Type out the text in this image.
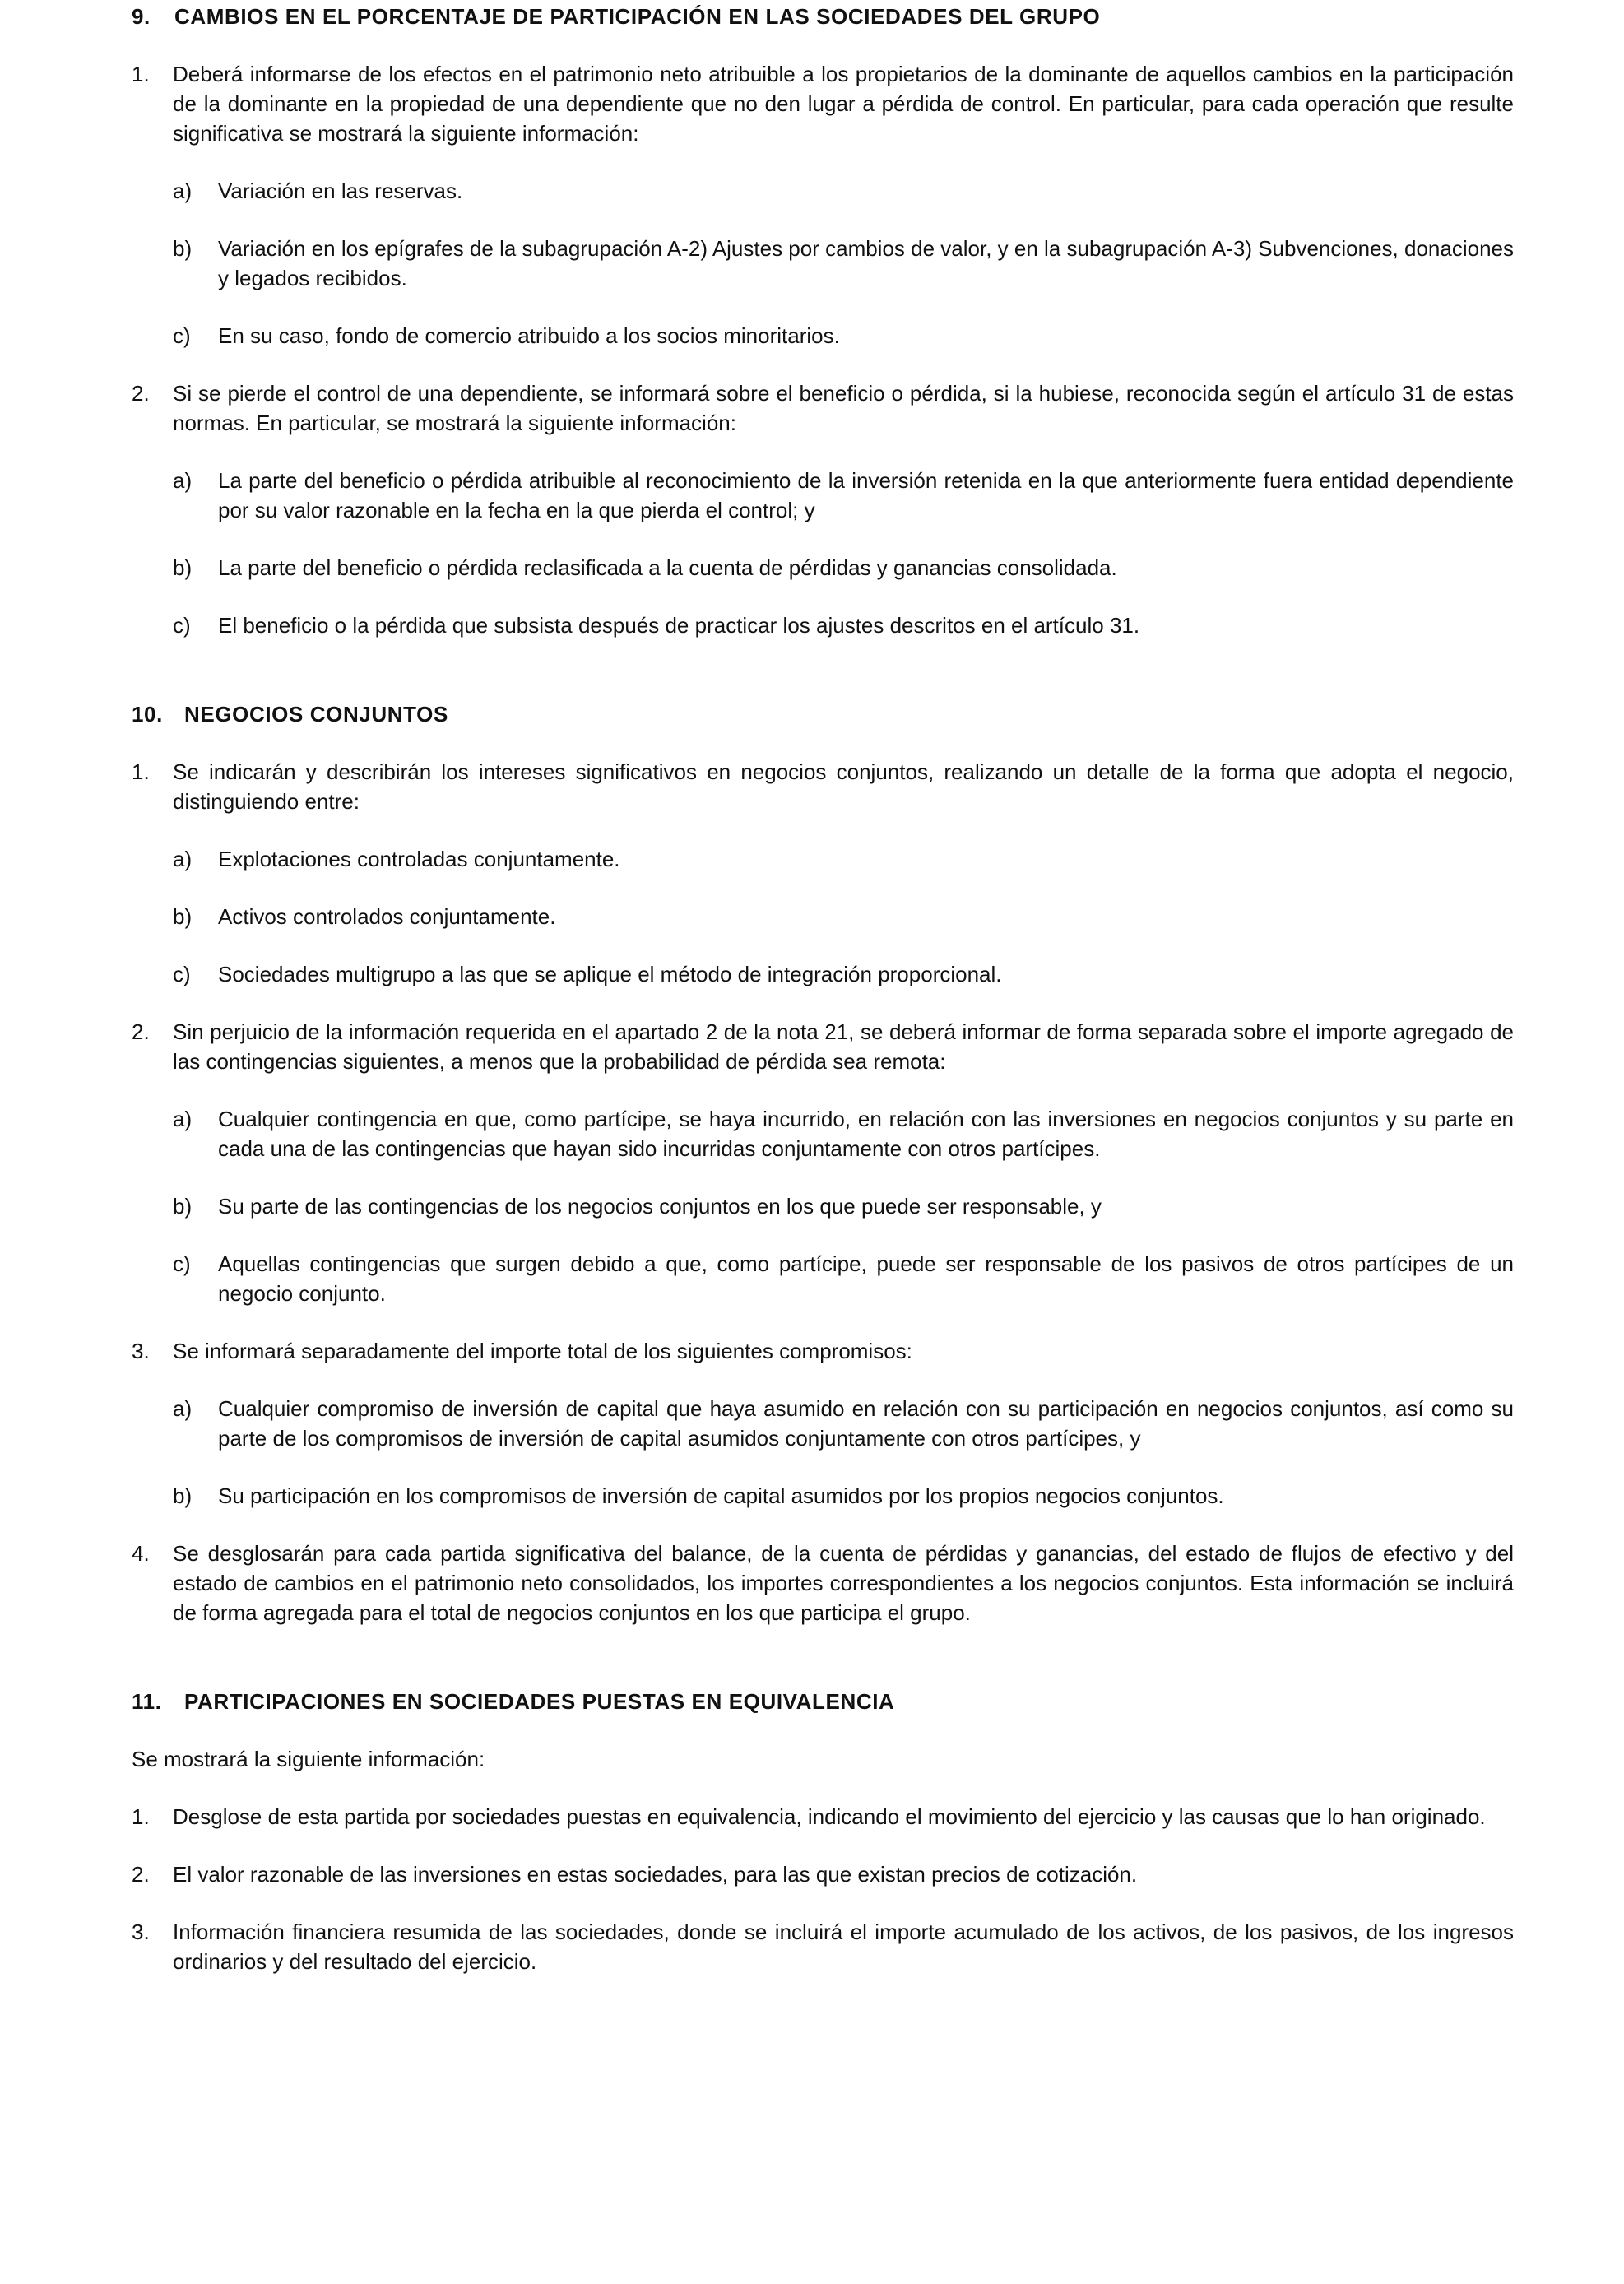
9.	CAMBIOS EN EL PORCENTAJE DE PARTICIPACIÓN EN LAS SOCIEDADES DEL GRUPO
1.	Deberá informarse de los efectos en el patrimonio neto atribuible a los propietarios de la dominante de aquellos cambios en la participación de la dominante en la propiedad de una dependiente que no den lugar a pérdida de control. En particular, para cada operación que resulte significativa se mostrará la siguiente información:
a)	Variación en las reservas.
b)	Variación en los epígrafes de la subagrupación A-2) Ajustes por cambios de valor, y en la subagrupación A-3) Subvenciones, donaciones y legados recibidos.
c)	En su caso, fondo de comercio atribuido a los socios minoritarios.
2.	Si se pierde el control de una dependiente, se informará sobre el beneficio o pérdida, si la hubiese, reconocida según el artículo 31 de estas normas. En particular, se mostrará la siguiente información:
a)	La parte del beneficio o pérdida atribuible al reconocimiento de la inversión retenida en la que anteriormente fuera entidad dependiente por su valor razonable en la fecha en la que pierda el control; y
b)	La parte del beneficio o pérdida reclasificada a la cuenta de pérdidas y ganancias consolidada.
c)	El beneficio o la pérdida que subsista después de practicar los ajustes descritos en el artículo 31.
10.	NEGOCIOS CONJUNTOS
1.	Se indicarán y describirán los intereses significativos en negocios conjuntos, realizando un detalle de la forma que adopta el negocio, distinguiendo entre:
a)	Explotaciones controladas conjuntamente.
b)	Activos controlados conjuntamente.
c)	Sociedades multigrupo a las que se aplique el método de integración proporcional.
2.	Sin perjuicio de la información requerida en el apartado 2 de la nota 21, se deberá informar de forma separada sobre el importe agregado de las contingencias siguientes, a menos que la probabilidad de pérdida sea remota:
a)	Cualquier contingencia en que, como partícipe, se haya incurrido, en relación con las inversiones en negocios conjuntos y su parte en cada una de las contingencias que hayan sido incurridas conjuntamente con otros partícipes.
b)	Su parte de las contingencias de los negocios conjuntos en los que puede ser responsable, y
c)	Aquellas contingencias que surgen debido a que, como partícipe, puede ser responsable de los pasivos de otros partícipes de un negocio conjunto.
3.	Se informará separadamente del importe total de los siguientes compromisos:
a)	Cualquier compromiso de inversión de capital que haya asumido en relación con su participación en negocios conjuntos, así como su parte de los compromisos de inversión de capital asumidos conjuntamente con otros partícipes, y
b)	Su participación en los compromisos de inversión de capital asumidos por los propios negocios conjuntos.
4.	Se desglosarán para cada partida significativa del balance, de la cuenta de pérdidas y ganancias, del estado de flujos de efectivo y del estado de cambios en el patrimonio neto consolidados, los importes correspondientes a los negocios conjuntos. Esta información se incluirá de forma agregada para el total de negocios conjuntos en los que participa el grupo.
11.	PARTICIPACIONES EN SOCIEDADES PUESTAS EN EQUIVALENCIA

Se mostrará la siguiente información:

1.	Desglose de esta partida por sociedades puestas en equivalencia, indicando el movimiento del ejercicio y las causas que lo han originado.
2.	El valor razonable de las inversiones en estas sociedades, para las que existan precios de cotización.
3.	Información financiera resumida de las sociedades, donde se incluirá el importe acumulado de los activos, de los pasivos, de los ingresos ordinarios y del resultado del ejercicio.
